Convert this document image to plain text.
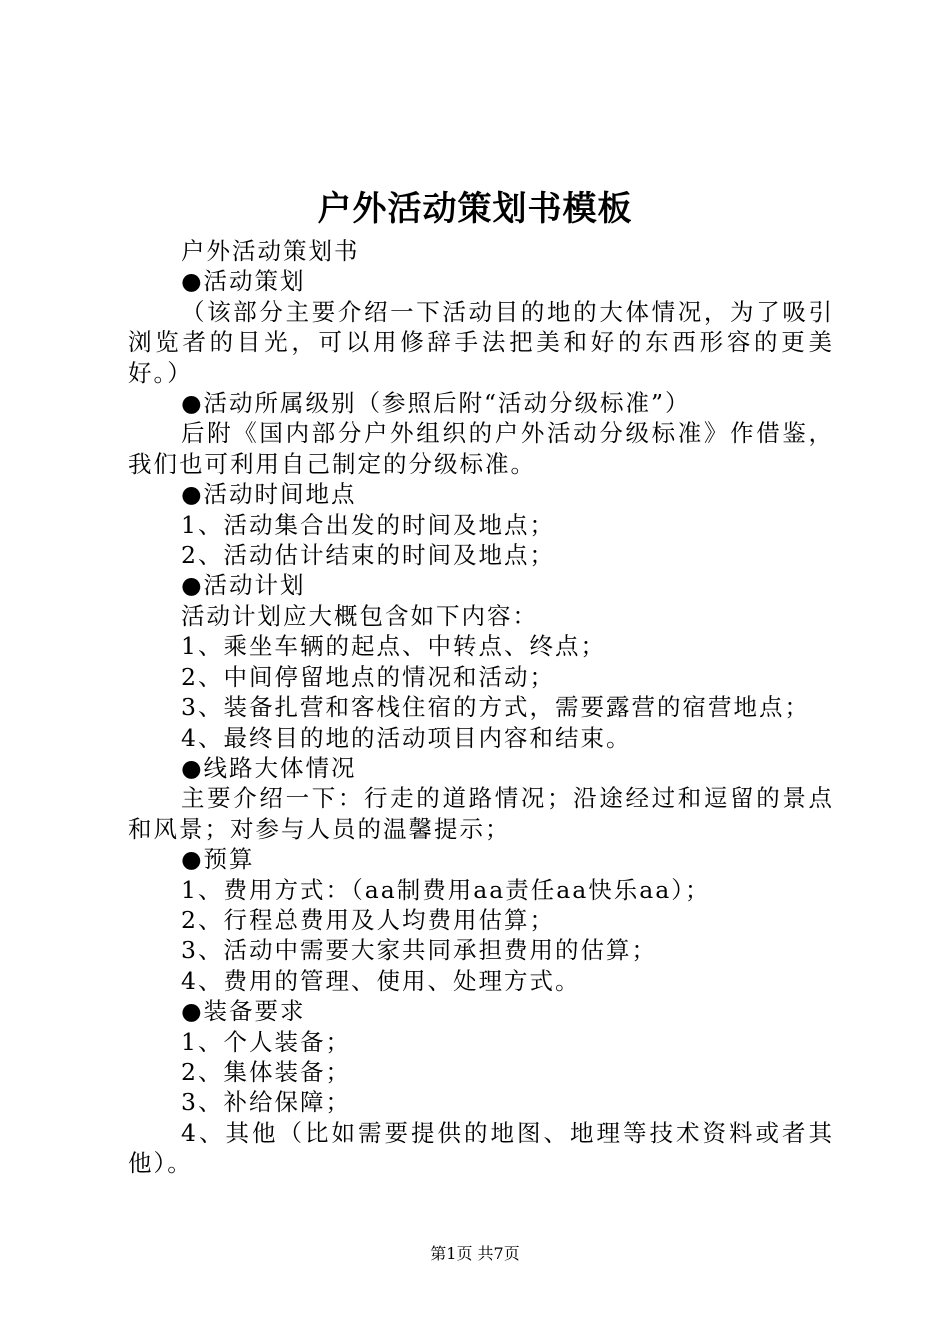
户外活动策划书模板

户外活动策划书

●活动策划

（该部分主要介绍一下活动目的地的大体情况，为了吸引浏览者的目光，可以用修辞手法把美和好的东西形容的更美好。）

●活动所属级别（参照后附“活动分级标准”）

后附《国内部分户外组织的户外活动分级标准》作借鉴，我们也可利用自己制定的分级标准。

●活动时间地点

1、活动集合出发的时间及地点；

2、活动估计结束的时间及地点；

●活动计划

活动计划应大概包含如下内容：

1、乘坐车辆的起点、中转点、终点；

2、中间停留地点的情况和活动；

3、装备扎营和客栈住宿的方式，需要露营的宿营地点；

4、最终目的地的活动项目内容和结束。

●线路大体情况

主要介绍一下：行走的道路情况；沿途经过和逗留的景点和风景；对参与人员的温馨提示；

●预算

1、费用方式：（aa制费用aa责任aa快乐aa）；

2、行程总费用及人均费用估算；

3、活动中需要大家共同承担费用的估算；

4、费用的管理、使用、处理方式。

●装备要求

1、个人装备；

2、集体装备；

3、补给保障；

4、其他（比如需要提供的地图、地理等技术资料或者其他）。

第1页 共7页
